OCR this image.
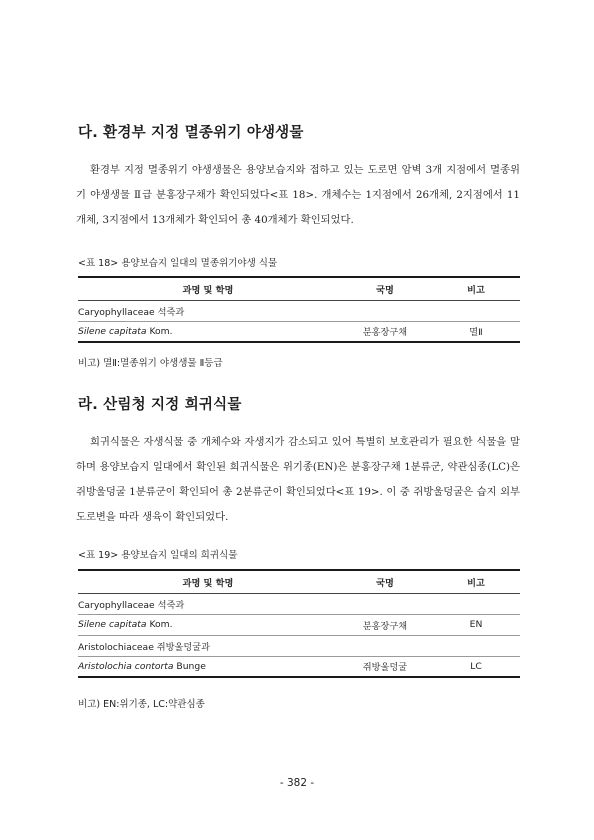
다. 환경부 지정 멸종위기 야생생물

환경부 지정 멸종위기 야생생물은 용양보습지와 접하고 있는 도로면 암벽 3개 지점에서 멸종위기 야생생물 Ⅱ급 분홍장구채가 확인되었다<표 18>. 개체수는 1지점에서 26개체, 2지점에서 11개체, 3지점에서 13개체가 확인되어 총 40개체가 확인되었다.

<표 18> 용양보습지 일대의 멸종위기야생 식물

과명 및 학명	국명	비고
Caryophyllaceae 석죽과		
Silene capitata Kom.	분홍장구채	멸Ⅱ

비고) 멸Ⅱ:멸종위기 야생생물 Ⅱ등급

라. 산림청 지정 희귀식물

희귀식물은 자생식물 중 개체수와 자생지가 감소되고 있어 특별히 보호관리가 필요한 식물을 말하며 용양보습지 일대에서 확인된 희귀식물은 위기종(EN)은 분홍장구채 1분류군, 약관심종(LC)은 쥐방울덩굴 1분류군이 확인되어 총 2분류군이 확인되었다<표 19>. 이 중 쥐방울덩굴은 습지 외부 도로변을 따라 생육이 확인되었다.

<표 19> 용양보습지 일대의 희귀식물

과명 및 학명	국명	비고
Caryophyllaceae 석죽과		
Silene capitata Kom.	분홍장구채	EN
Aristolochiaceae 쥐방울덩굴과		
Aristolochia contorta Bunge	쥐방울덩굴	LC

비고) EN:위기종, LC:약관심종

- 382 -
